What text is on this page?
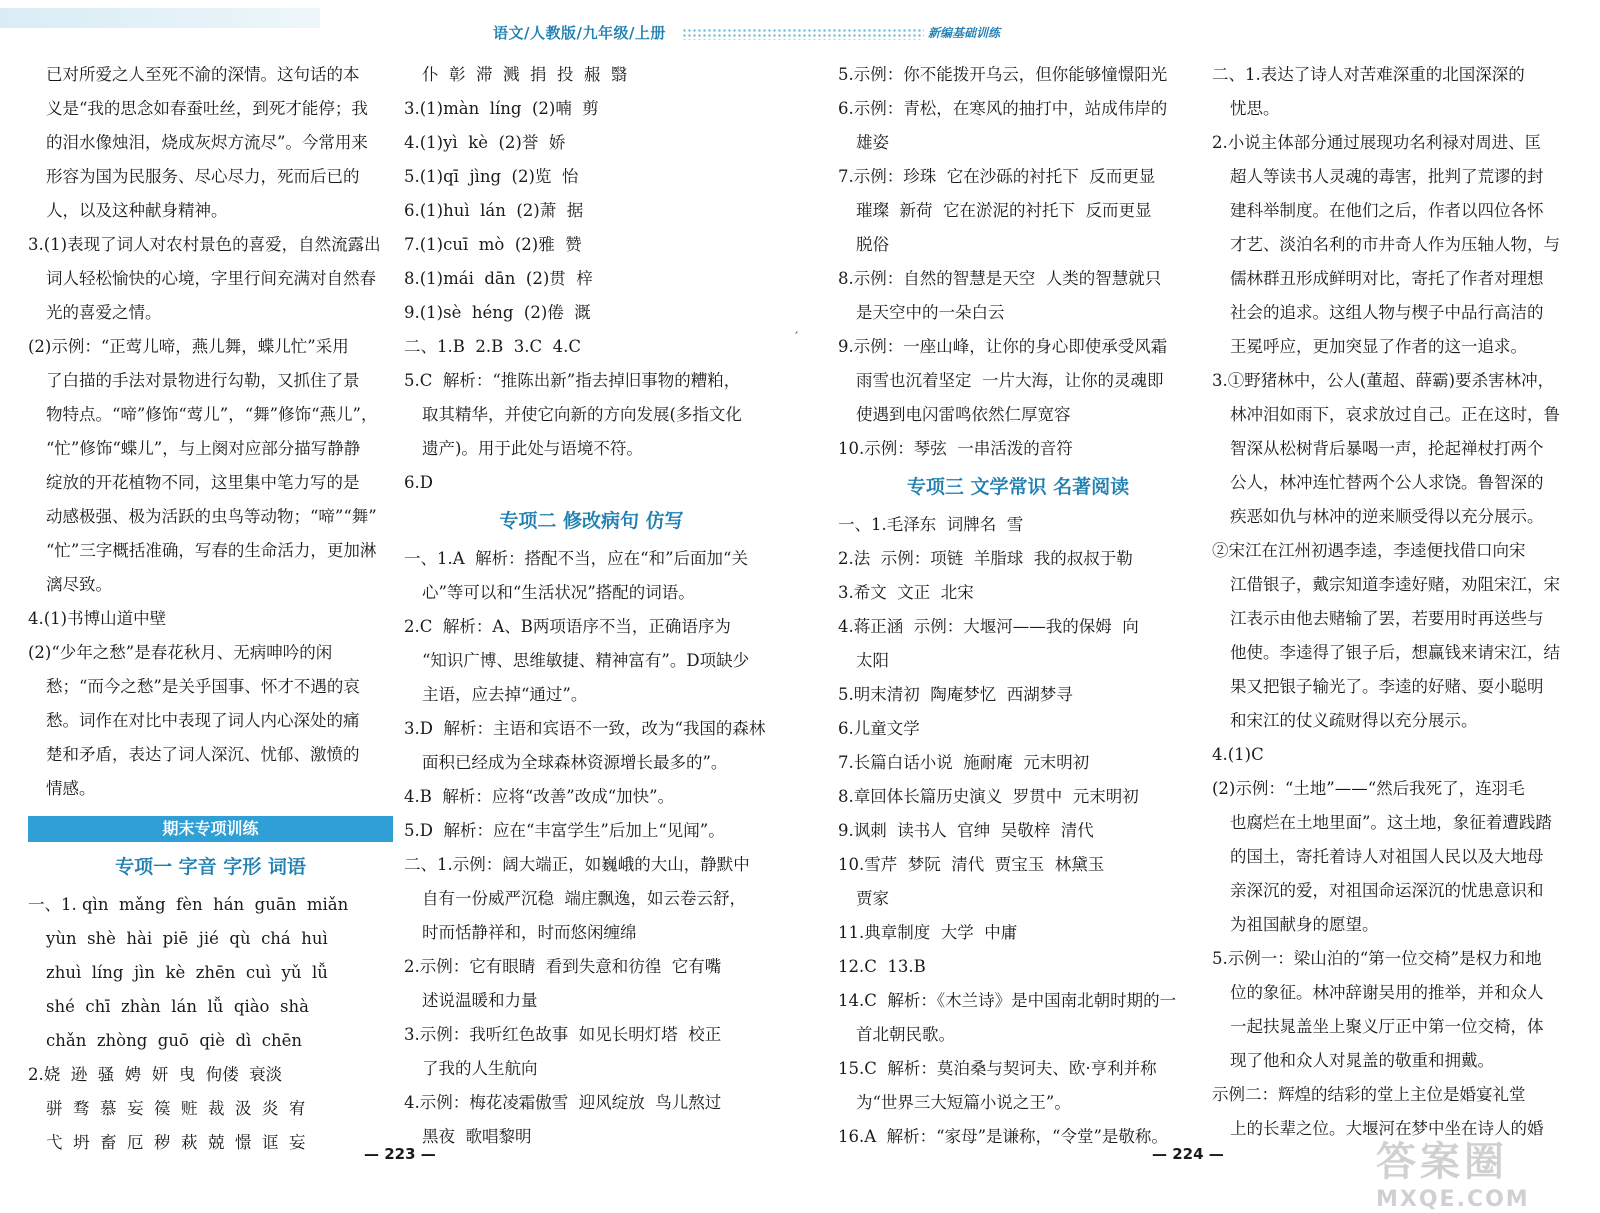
语文/人教版/九年级/上册	新编基础训练

已对所爱之人至死不渝的深情。这句话的本

义是“我的思念如春蚕吐丝，到死才能停；我

的泪水像烛泪，烧成灰烬方流尽”。今常用来

形容为国为民服务、尽心尽力，死而后已的

人，以及这种献身精神。

3.(1)表现了词人对农村景色的喜爱，自然流露出

词人轻松愉快的心境，字里行间充满对自然春

光的喜爱之情。

(2)示例：“正莺儿啼，燕儿舞，蝶儿忙”采用

了白描的手法对景物进行勾勒，又抓住了景

物特点。“啼”修饰“莺儿”，“舞”修饰“燕儿”，

“忙”修饰“蝶儿”，与上阕对应部分描写静静

绽放的开花植物不同，这里集中笔力写的是

动感极强、极为活跃的虫鸟等动物；“啼”“舞”

“忙”三字概括准确，写春的生命活力，更加淋

漓尽致。

4.(1)书博山道中壁

(2)“少年之愁”是春花秋月、无病呻吟的闲

愁；“而今之愁”是关乎国事、怀才不遇的哀

愁。词作在对比中表现了词人内心深处的痛

楚和矛盾，表达了词人深沉、忧郁、激愤的

情感。

期末专项训练
专项一 字音 字形 词语

一、1. qìn  mǎng  fèn  hán  guān  miǎn

yùn  shè  hài  piē  jié  qù  chá  huì

zhuì  líng  jìn  kè  zhēn  cuì  yǔ  lǚ

shé  chī  zhàn  lán  lǚ  qiào  shà

chǎn  zhòng  guō  qiè  dì  chēn

2.娆  逊  骚  娉  妍  曳  佝偻  衰淡

骈  骛  慕  妄  篌  赃  裁  汲  炎  宥

弋  坍  畜  厄  秽  萩  兢  憬  诓  妄

仆  彰  滞  溅  捐  投  赧  翳

3.(1)màn  líng  (2)喃  剪

4.(1)yì  kè  (2)誉  娇

5.(1)qī  jìng  (2)览  怡

6.(1)huì  lán  (2)萧  据

7.(1)cuī  mò  (2)雅  赞

8.(1)mái  dān  (2)贯  梓

9.(1)sè  héng  (2)倦  溉

二、1.B  2.B  3.C  4.C

5.C  解析：“推陈出新”指去掉旧事物的糟粕，

取其精华，并使它向新的方向发展(多指文化

遗产)。用于此处与语境不符。

6.D

专项二 修改病句 仿写

一、1.A  解析：搭配不当，应在“和”后面加“关

心”等可以和“生活状况”搭配的词语。

2.C  解析：A、B两项语序不当，正确语序为

“知识广博、思维敏捷、精神富有”。D项缺少

主语，应去掉“通过”。

3.D  解析：主语和宾语不一致，改为“我国的森林

面积已经成为全球森林资源增长最多的”。

4.B  解析：应将“改善”改成“加快”。

5.D  解析：应在“丰富学生”后加上“见闻”。

二、1.示例：阔大端正，如巍峨的大山，静默中

自有一份威严沉稳  端庄飘逸，如云卷云舒，

时而恬静祥和，时而悠闲缠绵

2.示例：它有眼睛  看到失意和彷徨  它有嘴

述说温暖和力量

3.示例：我听红色故事  如见长明灯塔  校正

了我的人生航向

4.示例：梅花凌霜傲雪  迎风绽放  鸟儿熬过

黑夜  歌唱黎明

′

5.示例：你不能拨开乌云，但你能够憧憬阳光

6.示例：青松，在寒风的抽打中，站成伟岸的

雄姿

7.示例：珍珠  它在沙砾的衬托下  反而更显

璀璨  新荷  它在淤泥的衬托下  反而更显

脱俗

8.示例：自然的智慧是天空  人类的智慧就只

是天空中的一朵白云

9.示例：一座山峰，让你的身心即使承受风霜

雨雪也沉着坚定  一片大海，让你的灵魂即

使遇到电闪雷鸣依然仁厚宽容

10.示例：琴弦  一串活泼的音符

专项三 文学常识 名著阅读

一、1.毛泽东  词牌名  雪

2.法  示例：项链  羊脂球  我的叔叔于勒

3.希文  文正  北宋

4.蒋正涵  示例：大堰河——我的保姆  向

太阳

5.明末清初  陶庵梦忆  西湖梦寻

6.儿童文学

7.长篇白话小说  施耐庵  元末明初

8.章回体长篇历史演义  罗贯中  元末明初

9.讽刺  读书人  官绅  吴敬梓  清代

10.雪芹  梦阮  清代  贾宝玉  林黛玉

贾家

11.典章制度  大学  中庸

12.C  13.B

14.C  解析：《木兰诗》是中国南北朝时期的一

首北朝民歌。

15.C  解析：莫泊桑与契诃夫、欧·亨利并称

为“世界三大短篇小说之王”。

16.A  解析：“家母”是谦称，“令堂”是敬称。

二、1.表达了诗人对苦难深重的北国深深的

忧思。

2.小说主体部分通过展现功名利禄对周进、匡

超人等读书人灵魂的毒害，批判了荒谬的封

建科举制度。在他们之后，作者以四位各怀

才艺、淡泊名利的市井奇人作为压轴人物，与

儒林群丑形成鲜明对比，寄托了作者对理想

社会的追求。这组人物与楔子中品行高洁的

王冕呼应，更加突显了作者的这一追求。

3.①野猪林中，公人(董超、薛霸)要杀害林冲，

林冲泪如雨下，哀求放过自己。正在这时，鲁

智深从松树背后暴喝一声，抡起禅杖打两个

公人，林冲连忙替两个公人求饶。鲁智深的

疾恶如仇与林冲的逆来顺受得以充分展示。

②宋江在江州初遇李逵，李逵便找借口向宋

江借银子，戴宗知道李逵好赌，劝阻宋江，宋

江表示由他去赌输了罢，若要用时再送些与

他使。李逵得了银子后，想赢钱来请宋江，结

果又把银子输光了。李逵的好赌、耍小聪明

和宋江的仗义疏财得以充分展示。

4.(1)C

(2)示例：“土地”——“然后我死了，连羽毛

也腐烂在土地里面”。这土地，象征着遭践踏

的国土，寄托着诗人对祖国人民以及大地母

亲深沉的爱，对祖国命运深沉的忧患意识和

为祖国献身的愿望。

5.示例一：梁山泊的“第一位交椅”是权力和地

位的象征。林冲辞谢吴用的推举，并和众人

一起扶晁盖坐上聚义厅正中第一位交椅，体

现了他和众人对晁盖的敬重和拥戴。

示例二：辉煌的结彩的堂上主位是婚宴礼堂

上的长辈之位。大堰河在梦中坐在诗人的婚

— 223 —	— 224 —	答案圈
MXQE.COM
